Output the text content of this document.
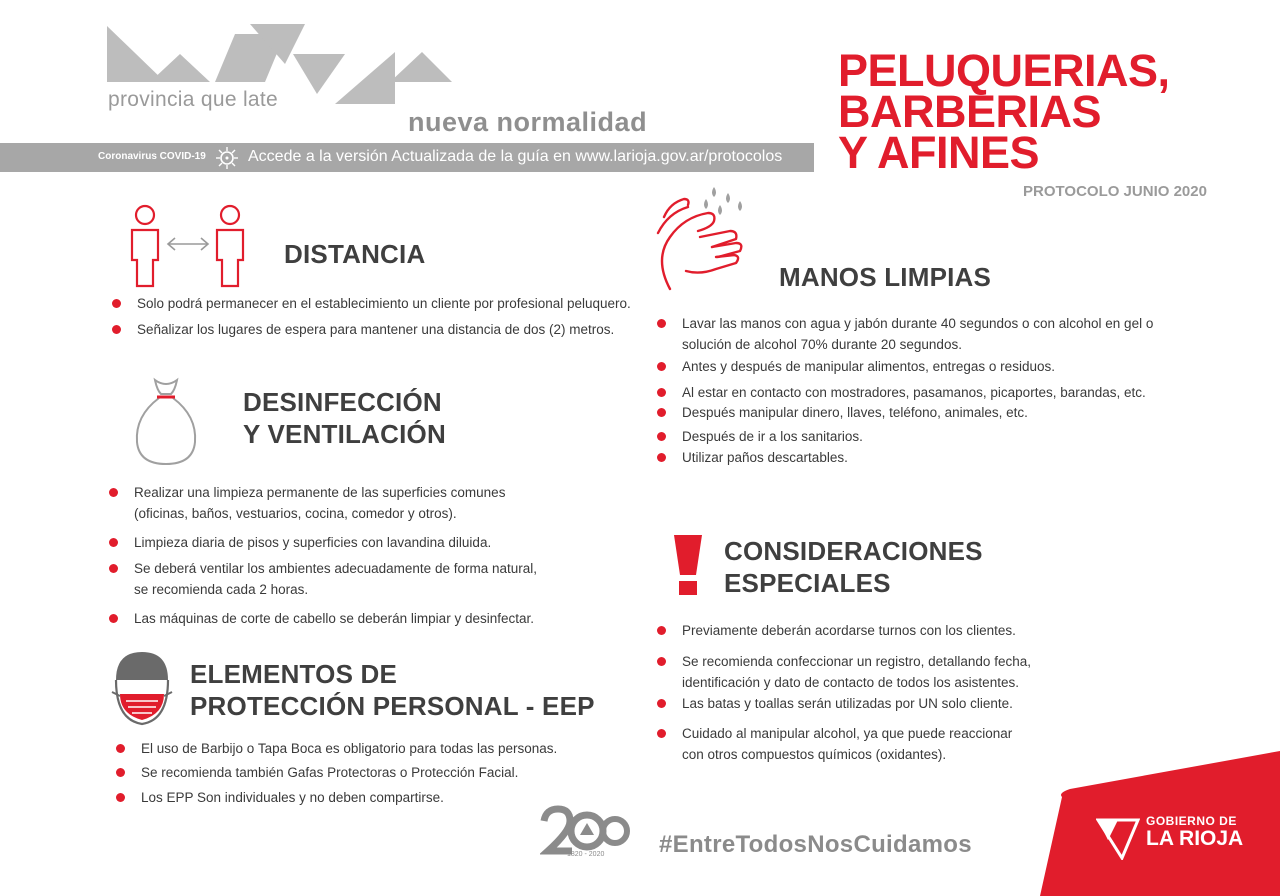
provincia que late
nueva normalidad
Coronavirus COVID-19	Accede a la versión Actualizada de la guía en www.larioja.gov.ar/protocolos
PELUQUERIAS,
BARBERIAS
Y AFINES
PROTOCOLO JUNIO 2020
DISTANCIA
Solo podrá permanecer en el establecimiento un cliente por profesional peluquero.
Señalizar los lugares de espera para mantener una distancia de dos (2) metros.
DESINFECCIÓN
Y VENTILACIÓN
Realizar una limpieza permanente de las superficies comunes
(oficinas, baños, vestuarios, cocina, comedor y otros).
Limpieza diaria de pisos y superficies con lavandina diluida.
Se deberá ventilar los ambientes adecuadamente de forma natural,
se recomienda cada 2 horas.
Las máquinas de corte de cabello se deberán limpiar y desinfectar.
ELEMENTOS DE
PROTECCIÓN PERSONAL - EEP
El uso de Barbijo o Tapa Boca es obligatorio para todas las personas.
Se recomienda también Gafas Protectoras o Protección Facial.
Los EPP Son individuales y no deben compartirse.
MANOS LIMPIAS
Lavar las manos con agua y jabón durante 40 segundos o con alcohol en gel o
solución de alcohol 70% durante 20 segundos.
Antes y después de manipular alimentos, entregas o residuos.
Al estar en contacto con mostradores, pasamanos, picaportes, barandas, etc.
Después manipular dinero, llaves, teléfono, animales, etc.
Después de ir a los sanitarios.
Utilizar paños descartables.
CONSIDERACIONES
ESPECIALES
Previamente deberán acordarse turnos con los clientes.
Se recomienda confeccionar un registro, detallando fecha,
identificación y dato de contacto de todos los asistentes.
Las batas y toallas serán utilizadas por UN solo cliente.
Cuidado al manipular alcohol, ya que puede reaccionar
con otros compuestos químicos (oxidantes).
1820 - 2020 #EntreTodosNosCuidamos
GOBIERNO DE
LA RIOJA
